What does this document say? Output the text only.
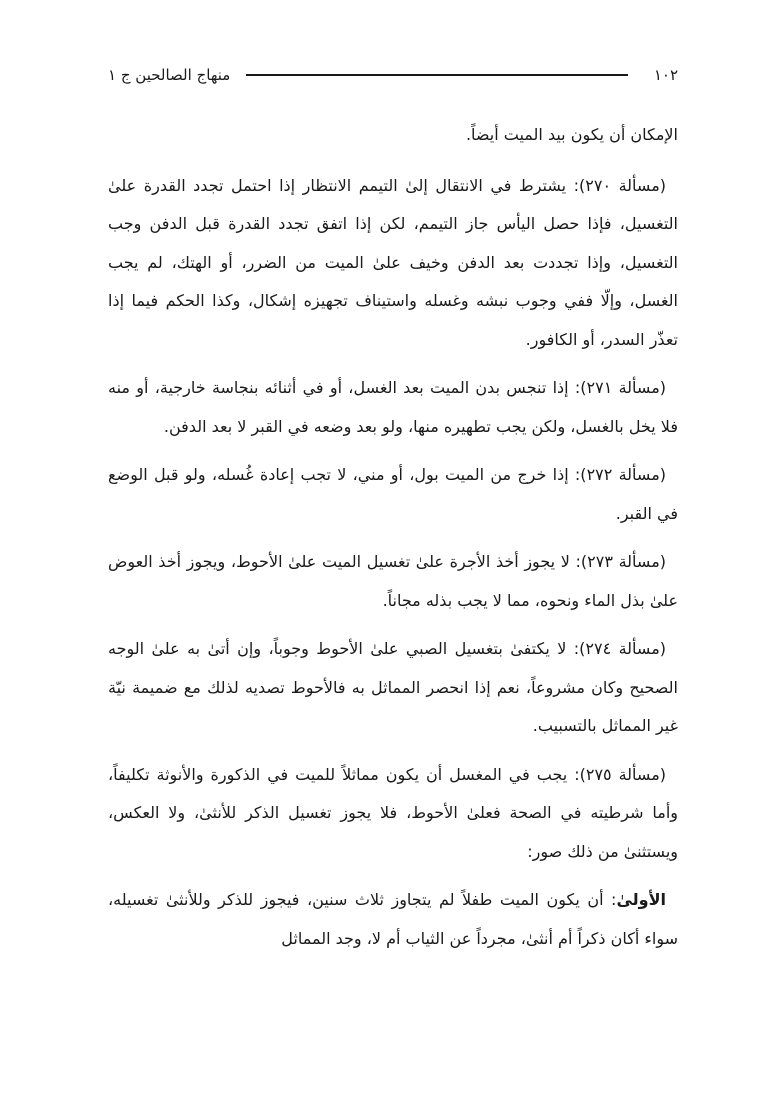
١٠٢
منهاج الصالحين ج ١

الإمكان أن يكون بيد الميت أيضاً.

(مسألة ٢٧٠): يشترط في الانتقال إلىٰ التيمم الانتظار إذا احتمل تجدد القدرة علىٰ التغسيل، فإذا حصل اليأس جاز التيمم، لكن إذا اتفق تجدد القدرة قبل الدفن وجب التغسيل، وإذا تجددت بعد الدفن وخيف علىٰ الميت من الضرر، أو الهتك، لم يجب الغسل، وإلّا ففي وجوب نبشه وغسله واستيناف تجهيزه إشكال، وكذا الحكم فيما إذا تعذّر السدر، أو الكافور.

(مسألة ٢٧١): إذا تنجس بدن الميت بعد الغسل، أو في أثنائه بنجاسة خارجية، أو منه فلا يخل بالغسل، ولكن يجب تطهيره منها، ولو بعد وضعه في القبر لا بعد الدفن.

(مسألة ٢٧٢): إذا خرج من الميت بول، أو مني، لا تجب إعادة غُسله، ولو قبل الوضع في القبر.

(مسألة ٢٧٣): لا يجوز أخذ الأجرة علىٰ تغسيل الميت علىٰ الأحوط، ويجوز أخذ العوض علىٰ بذل الماء ونحوه، مما لا يجب بذله مجاناً.

(مسألة ٢٧٤): لا يكتفىٰ بتغسيل الصبي علىٰ الأحوط وجوباً، وإن أتىٰ به علىٰ الوجه الصحيح وكان مشروعاً، نعم إذا انحصر المماثل به فالأحوط تصديه لذلك مع ضميمة نيّة غير المماثل بالتسبيب.

(مسألة ٢٧٥): يجب في المغسل أن يكون مماثلاً للميت في الذكورة والأنوثة تكليفاً، وأما شرطيته في الصحة فعلىٰ الأحوط، فلا يجوز تغسيل الذكر للأنثىٰ، ولا العكس، ويستثنىٰ من ذلك صور:

الأولىٰ: أن يكون الميت طفلاً لم يتجاوز ثلاث سنين، فيجوز للذكر وللأنثىٰ تغسيله، سواء أكان ذكراً أم أنثىٰ، مجرداً عن الثياب أم لا، وجد المماثل
